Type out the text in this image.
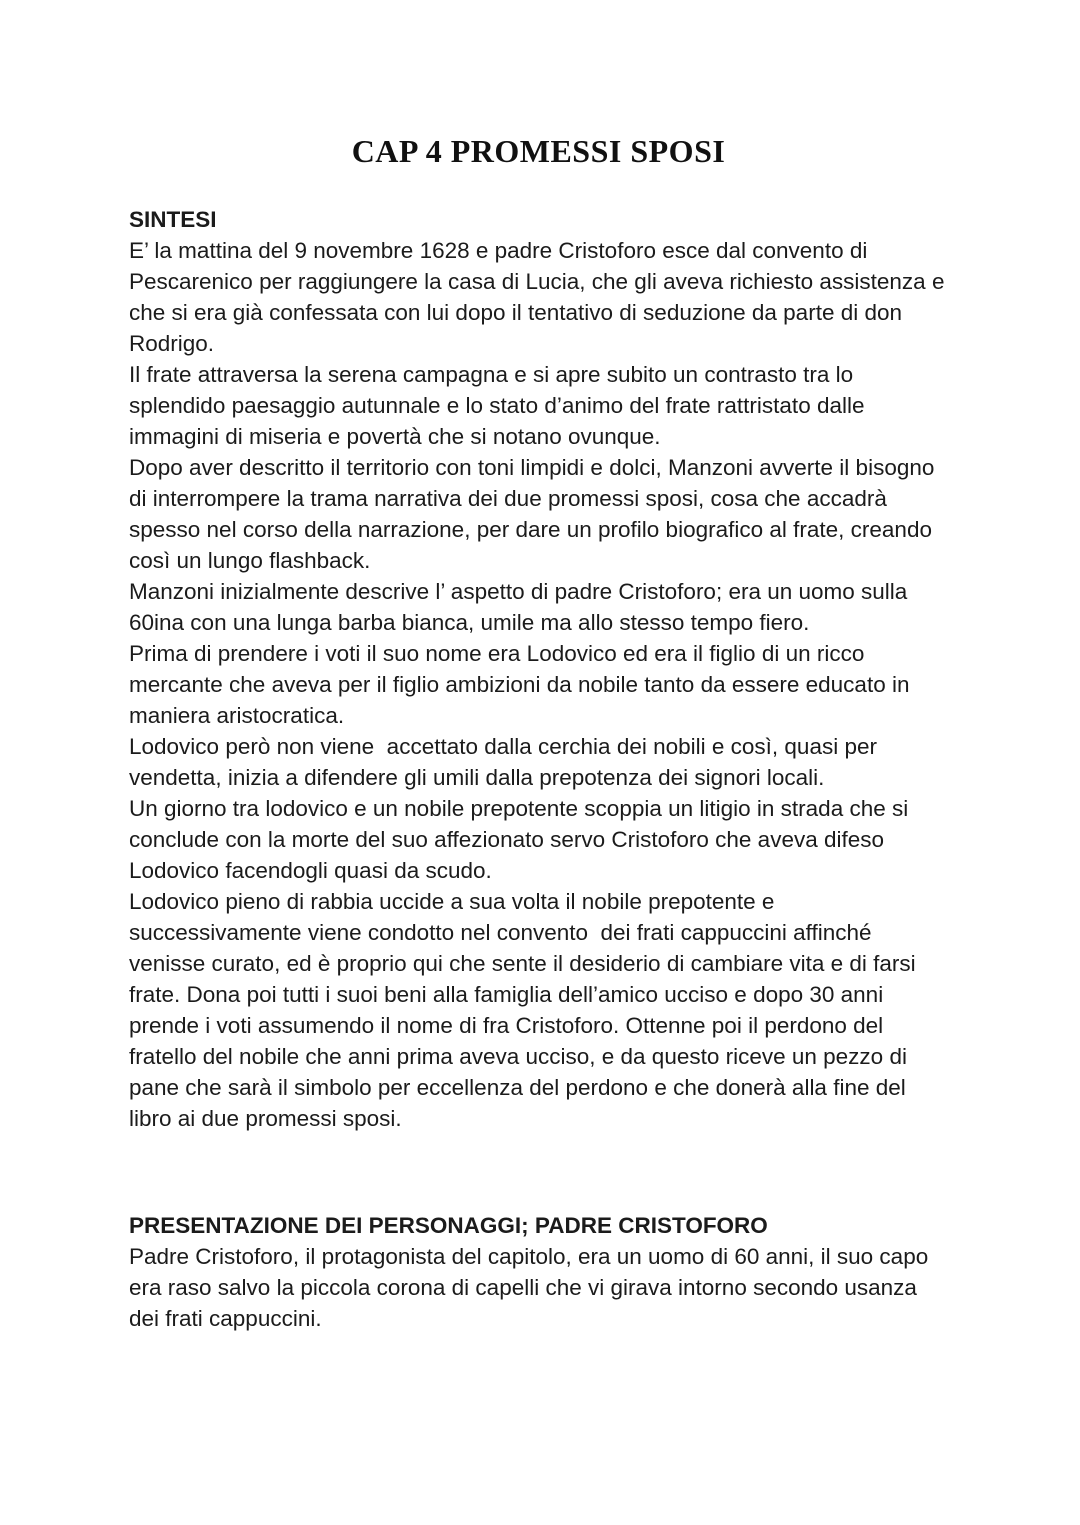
CAP 4 PROMESSI SPOSI
SINTESI

E’ la mattina del 9 novembre 1628 e padre Cristoforo esce dal convento di Pescarenico per raggiungere la casa di Lucia, che gli aveva richiesto assistenza e che si era già confessata con lui dopo il tentativo di seduzione da parte di don Rodrigo.

Il frate attraversa la serena campagna e si apre subito un contrasto tra lo splendido paesaggio autunnale e lo stato d’animo del frate rattristato dalle immagini di miseria e povertà che si notano ovunque.

Dopo aver descritto il territorio con toni limpidi e dolci, Manzoni avverte il bisogno di interrompere la trama narrativa dei due promessi sposi, cosa che accadrà spesso nel corso della narrazione, per dare un profilo biografico al frate, creando così un lungo flashback.

Manzoni inizialmente descrive l’ aspetto di padre Cristoforo; era un uomo sulla 60ina con una lunga barba bianca, umile ma allo stesso tempo fiero.

Prima di prendere i voti il suo nome era Lodovico ed era il figlio di un ricco mercante che aveva per il figlio ambizioni da nobile tanto da essere educato in maniera aristocratica.

Lodovico però non viene  accettato dalla cerchia dei nobili e così, quasi per vendetta, inizia a difendere gli umili dalla prepotenza dei signori locali.

Un giorno tra lodovico e un nobile prepotente scoppia un litigio in strada che si conclude con la morte del suo affezionato servo Cristoforo che aveva difeso Lodovico facendogli quasi da scudo.

Lodovico pieno di rabbia uccide a sua volta il nobile prepotente e successivamente viene condotto nel convento  dei frati cappuccini affinché venisse curato, ed è proprio qui che sente il desiderio di cambiare vita e di farsi frate. Dona poi tutti i suoi beni alla famiglia dell’amico ucciso e dopo 30 anni prende i voti assumendo il nome di fra Cristoforo. Ottenne poi il perdono del fratello del nobile che anni prima aveva ucciso, e da questo riceve un pezzo di pane che sarà il simbolo per eccellenza del perdono e che donerà alla fine del libro ai due promessi sposi.

PRESENTAZIONE DEI PERSONAGGI; PADRE CRISTOFORO

Padre Cristoforo, il protagonista del capitolo, era un uomo di 60 anni, il suo capo era raso salvo la piccola corona di capelli che vi girava intorno secondo usanza dei frati cappuccini.
